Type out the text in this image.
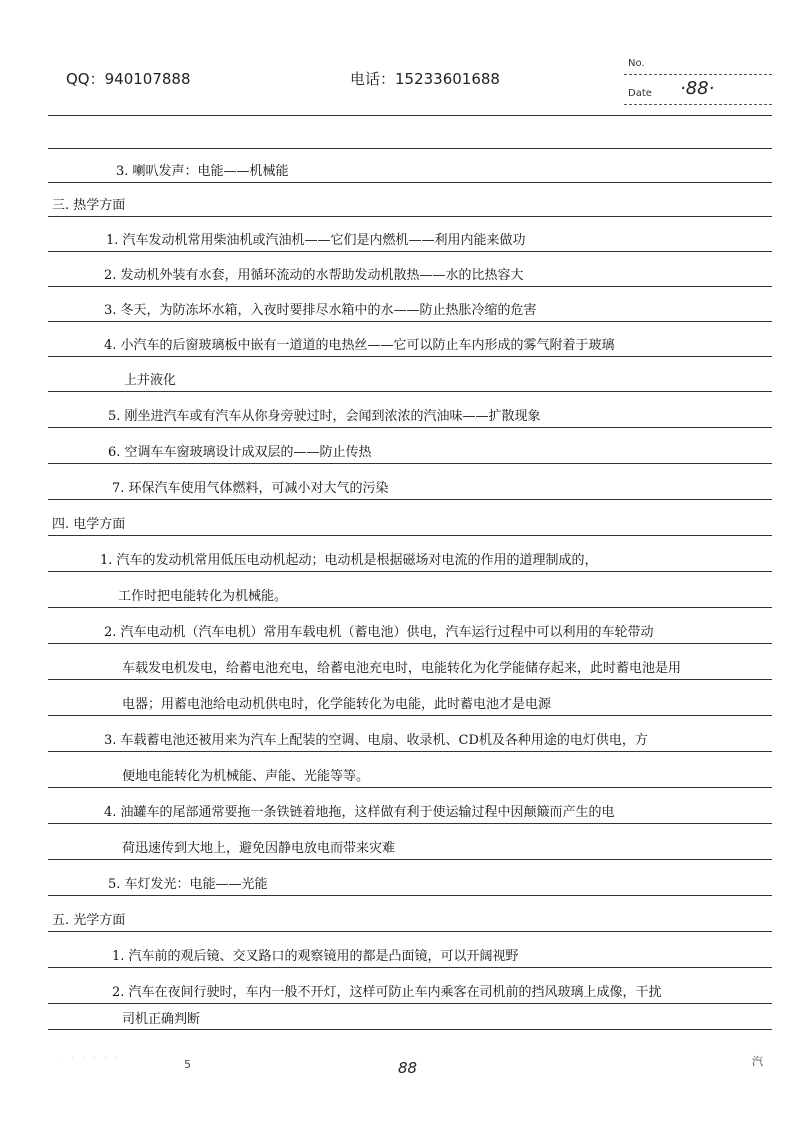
QQ：940107888	电话：15233601688
No.
Date ·88·
3. 喇叭发声：电能——机械能
三. 热学方面
1. 汽车发动机常用柴油机或汽油机——它们是内燃机——利用内能来做功
2. 发动机外装有水套，用循环流动的水帮助发动机散热——水的比热容大
3. 冬天，为防冻坏水箱，入夜时要排尽水箱中的水——防止热胀冷缩的危害
4. 小汽车的后窗玻璃板中嵌有一道道的电热丝——它可以防止车内形成的雾气附着于玻璃
上并液化
5. 刚坐进汽车或有汽车从你身旁驶过时，会闻到浓浓的汽油味——扩散现象
6. 空调车车窗玻璃设计成双层的——防止传热
7. 环保汽车使用气体燃料，可减小对大气的污染
四. 电学方面
1. 汽车的发动机常用低压电动机起动；电动机是根据磁场对电流的作用的道理制成的，
工作时把电能转化为机械能。
2. 汽车电动机（汽车电机）常用车载电机（蓄电池）供电，汽车运行过程中可以利用的车轮带动
车载发电机发电，给蓄电池充电，给蓄电池充电时，电能转化为化学能储存起来，此时蓄电池是用
电器；用蓄电池给电动机供电时，化学能转化为电能，此时蓄电池才是电源
3. 车载蓄电池还被用来为汽车上配装的空调、电扇、收录机、CD机及各种用途的电灯供电，方
便地电能转化为机械能、声能、光能等等。
4. 油罐车的尾部通常要拖一条铁链着地拖，这样做有利于使运输过程中因颠簸而产生的电
荷迅速传到大地上，避免因静电放电而带来灾难
5. 车灯发光：电能——光能
五. 光学方面
1. 汽车前的观后镜、交叉路口的观察镜用的都是凸面镜，可以开阔视野
2. 汽车在夜间行驶时，车内一般不开灯，这样可防止车内乘客在司机前的挡风玻璃上成像，干扰
司机正确判断
· · · · · ·	5	88	汽
